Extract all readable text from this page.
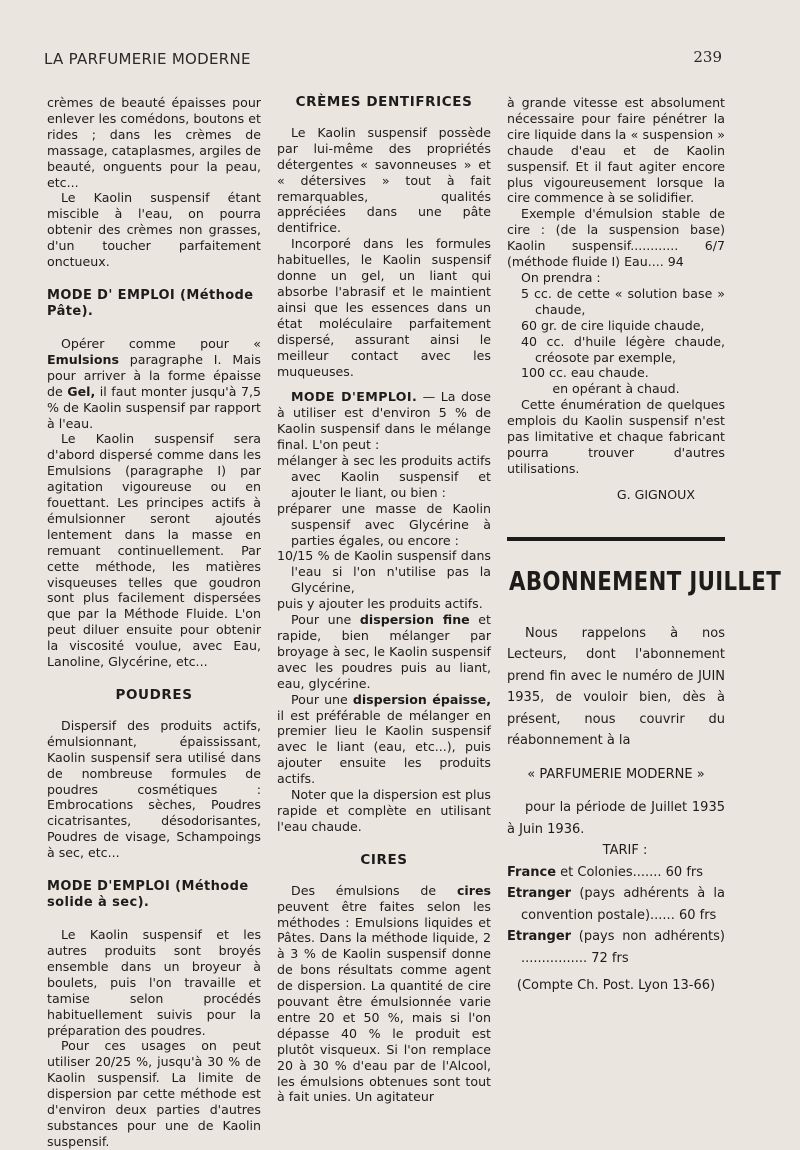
LA PARFUMERIE MODERNE	239

crèmes de beauté épaisses pour enlever les comédons, boutons et rides ; dans les crèmes de massage, cataplasmes, argiles de beauté, onguents pour la peau, etc...

Le Kaolin suspensif étant miscible à l'eau, on pourra obtenir des crèmes non grasses, d'un toucher parfaitement onctueux.

MODE D' EMPLOI (Méthode Pâte).

Opérer comme pour « Emulsions paragraphe I. Mais pour arriver à la forme épaisse de Gel, il faut monter jusqu'à 7,5 % de Kaolin suspensif par rapport à l'eau.

Le Kaolin suspensif sera d'abord dispersé comme dans les Emulsions (paragraphe I) par agitation vigoureuse ou en fouettant. Les principes actifs à émulsionner seront ajoutés lentement dans la masse en remuant continuellement. Par cette méthode, les matières visqueuses telles que goudron sont plus facilement dispersées que par la Méthode Fluide. L'on peut diluer ensuite pour obtenir la viscosité voulue, avec Eau, Lanoline, Glycérine, etc...

POUDRES

Dispersif des produits actifs, émulsionnant, épaississant, Kaolin suspensif sera utilisé dans de nombreuse formules de poudres cosmétiques : Embrocations sèches, Poudres cicatrisantes, désodorisantes, Poudres de visage, Schampoings à sec, etc...

MODE D'EMPLOI (Méthode solide à sec).

Le Kaolin suspensif et les autres produits sont broyés ensemble dans un broyeur à boulets, puis l'on travaille et tamise selon procédés habituellement suivis pour la préparation des poudres.

Pour ces usages on peut utiliser 20/25 %, jusqu'à 30 % de Kaolin suspensif. La limite de dispersion par cette méthode est d'environ deux parties d'autres substances pour une de Kaolin suspensif.

CRÈMES DENTIFRICES

Le Kaolin suspensif possède par lui-même des propriétés détergentes « savonneuses » et « détersives » tout à fait remarquables, qualités appréciées dans une pâte dentifrice.

Incorporé dans les formules habituelles, le Kaolin suspensif donne un gel, un liant qui absorbe l'abrasif et le maintient ainsi que les essences dans un état moléculaire parfaitement dispersé, assurant ainsi le meilleur contact avec les muqueuses.

MODE D'EMPLOI. — La dose à utiliser est d'environ 5 % de Kaolin suspensif dans le mélange final. L'on peut :

mélanger à sec les produits actifs avec Kaolin suspensif et ajouter le liant, ou bien :

préparer une masse de Kaolin suspensif avec Glycérine à parties égales, ou encore :

10/15 % de Kaolin suspensif dans l'eau si l'on n'utilise pas la Glycérine,

puis y ajouter les produits actifs.

Pour une dispersion fine et rapide, bien mélanger par broyage à sec, le Kaolin suspensif avec les poudres puis au liant, eau, glycérine.

Pour une dispersion épaisse, il est préférable de mélanger en premier lieu le Kaolin suspensif avec le liant (eau, etc...), puis ajouter ensuite les produits actifs.

Noter que la dispersion est plus rapide et complète en utilisant l'eau chaude.

CIRES

Des émulsions de cires peuvent être faites selon les méthodes : Emulsions liquides et Pâtes. Dans la méthode liquide, 2 à 3 % de Kaolin suspensif donne de bons résultats comme agent de dispersion. La quantité de cire pouvant être émulsionnée varie entre 20 et 50 %, mais si l'on dépasse 40 % le produit est plutôt visqueux. Si l'on remplace 20 à 30 % d'eau par de l'Alcool, les émulsions obtenues sont tout à fait unies. Un agitateur

à grande vitesse est absolument nécessaire pour faire pénétrer la cire liquide dans la « suspension » chaude d'eau et de Kaolin suspensif. Et il faut agiter encore plus vigoureusement lorsque la cire commence à se solidifier.

Exemple d'émulsion stable de cire : (de la suspension base) Kaolin suspensif............ 6/7 (méthode fluide I) Eau.... 94

On prendra :

5 cc. de cette « solution base » chaude,

60 gr. de cire liquide chaude,

40 cc. d'huile légère chaude, créosote par exemple,

100 cc. eau chaude.

en opérant à chaud.

Cette énumération de quelques emplois du Kaolin suspensif n'est pas limitative et chaque fabricant pourra trouver d'autres utilisations.

G. GIGNOUX

ABONNEMENT JUILLET

Nous rappelons à nos Lecteurs, dont l'abonnement prend fin avec le numéro de JUIN 1935, de vouloir bien, dès à présent, nous couvrir du réabonnement à la

« PARFUMERIE MODERNE »

pour la période de Juillet 1935 à Juin 1936.

TARIF :

France et Colonies....... 60 frs

Etranger (pays adhérents à la convention postale)...... 60 frs

Etranger (pays non adhérents) ................ 72 frs

(Compte Ch. Post. Lyon 13-66)
